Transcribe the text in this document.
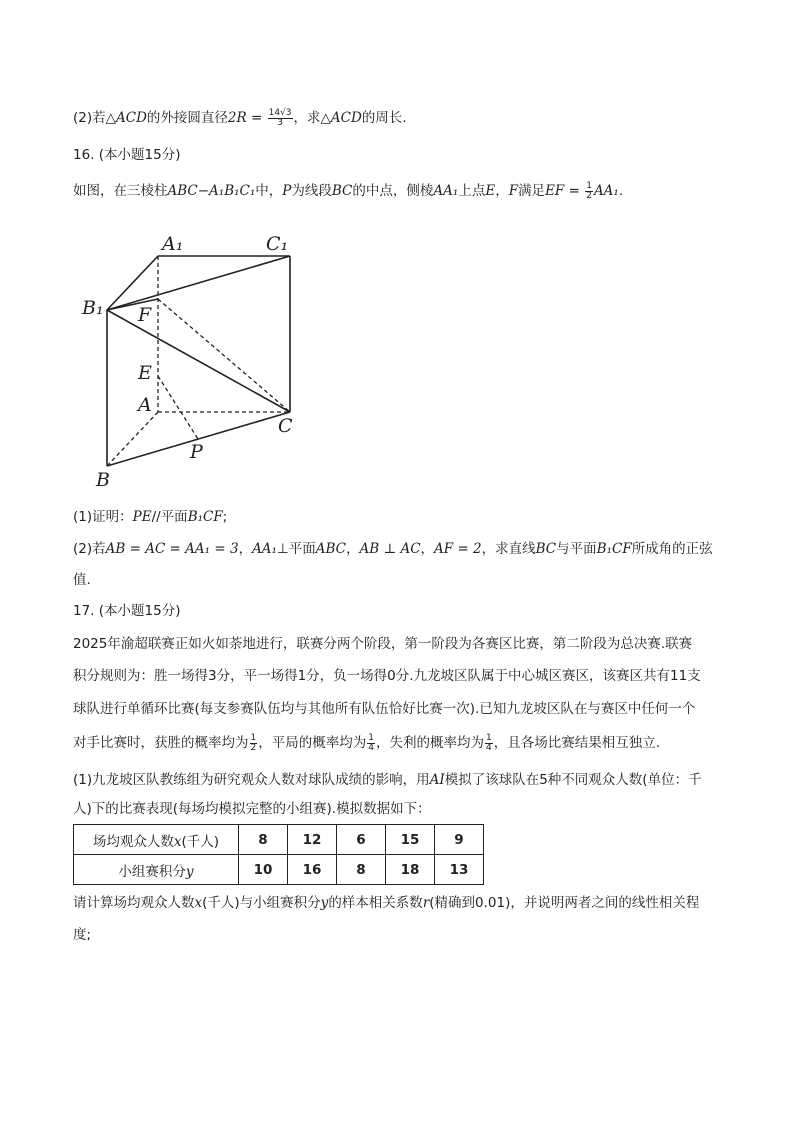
(2)若△ACD的外接圆直径$2R = \frac{14√3}{3}$ ，求△ACD的周长.
16. (本小题15分)
如图，在三棱柱ABC−A₁B₁C₁中，P为线段BC的中点，侧棱AA₁上点E，F满足EF = $\frac{1}{2} AA_1$.
A₁	C₁
B₁ F
E
A
C
P
B
(1)证明：PE//平面B₁CF;
(2)若AB = AC = AA₁ = 3，AA₁⊥平面ABC，AB ⊥ AC，AF = 2，求直线BC与平面B₁CF所成角的正弦
值.
17. (本小题15分)
2025年渝超联赛正如火如荼地进行，联赛分两个阶段，第一阶段为各赛区比赛，第二阶段为总决赛.联赛
积分规则为：胜一场得3分，平一场得1分，负一场得0分.九龙坡区队属于中心城区赛区，该赛区共有11支
球队进行单循环比赛(每支参赛队伍均与其他所有队伍恰好比赛一次).已知九龙坡区队在与赛区中任何一个
对手比赛时，获胜的概率均为 $\frac{1}{2}$ ，平局的概率均为 $\frac{1}{4}$ ，失利的概率均为 $\frac{1}{4}$ ，且各场比赛结果相互独立.
(1)九龙坡区队教练组为研究观众人数对球队成绩的影响，用AI模拟了该球队在5种不同观众人数(单位：千
人)下的比赛表现(每场均模拟完整的小组赛).模拟数据如下：
场均观众人数x(千人)	8	12	6	15	9
小组赛积分y	10	16	8	18	13
请计算场均观众人数x(千人)与小组赛积分y的样本相关系数r(精确到0.01)，并说明两者之间的线性相关程
度;
